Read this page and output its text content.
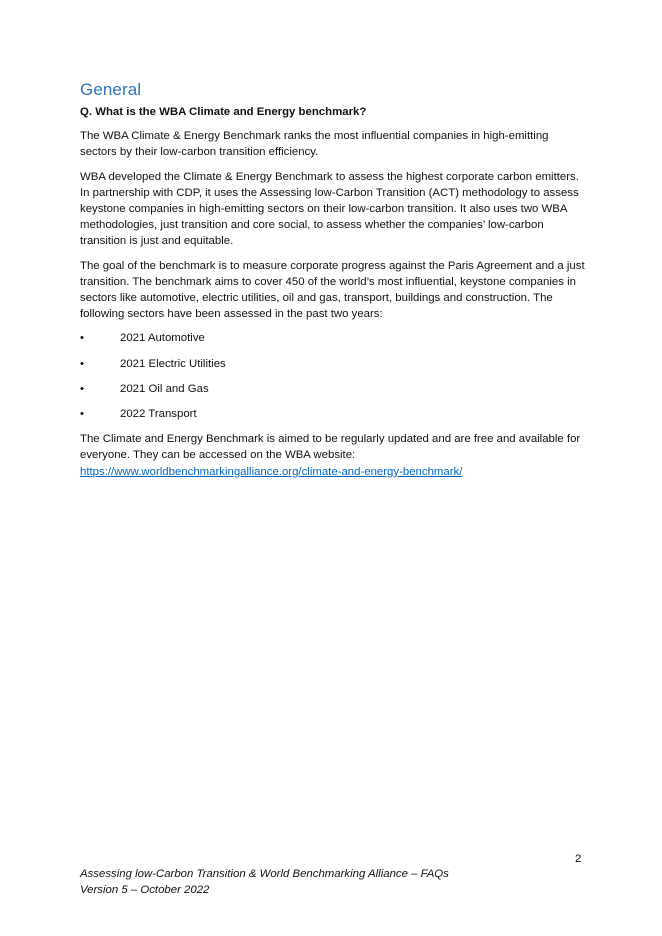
General

Q. What is the WBA Climate and Energy benchmark?

The WBA Climate & Energy Benchmark ranks the most influential companies in high-emitting sectors by their low-carbon transition efficiency.

WBA developed the Climate & Energy Benchmark to assess the highest corporate carbon emitters. In partnership with CDP, it uses the Assessing low-Carbon Transition (ACT) methodology to assess keystone companies in high-emitting sectors on their low-carbon transition. It also uses two WBA methodologies, just transition and core social, to assess whether the companies’ low-carbon transition is just and equitable.

The goal of the benchmark is to measure corporate progress against the Paris Agreement and a just transition. The benchmark aims to cover 450 of the world’s most influential, keystone companies in sectors like automotive, electric utilities, oil and gas, transport, buildings and construction. The following sectors have been assessed in the past two years:

•	2021 Automotive
•	2021 Electric Utilities
•	2021 Oil and Gas
•	2022 Transport

The Climate and Energy Benchmark is aimed to be regularly updated and are free and available for everyone. They can be accessed on the WBA website:
https://www.worldbenchmarkingalliance.org/climate-and-energy-benchmark/

2
Assessing low-Carbon Transition & World Benchmarking Alliance – FAQs
Version 5 – October 2022
